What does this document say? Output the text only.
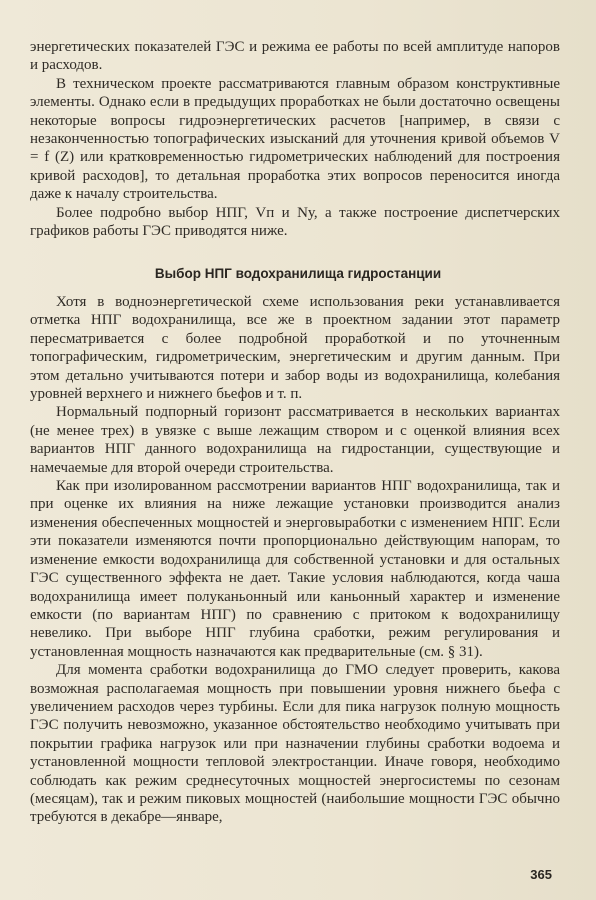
энергетических показателей ГЭС и режима ее работы по всей амплитуде напоров и расходов.

В техническом проекте рассматриваются главным образом конструктивные элементы. Однако если в предыдущих проработках не были достаточно освещены некоторые вопросы гидроэнергетических расчетов [например, в связи с незаконченностью топографических изысканий для уточнения кривой объемов V = f (Z) или кратковременностью гидрометрических наблюдений для построения кривой расходов], то детальная проработка этих вопросов переносится иногда даже к началу строительства.

Более подробно выбор НПГ, Vп и Nу, а также построение диспетчерских графиков работы ГЭС приводятся ниже.

Выбор НПГ водохранилища гидростанции

Хотя в водноэнергетической схеме использования реки устанавливается отметка НПГ водохранилища, все же в проектном задании этот параметр пересматривается с более подробной проработкой и по уточненным топографическим, гидрометрическим, энергетическим и другим данным. При этом детально учитываются потери и забор воды из водохранилища, колебания уровней верхнего и нижнего бьефов и т. п.

Нормальный подпорный горизонт рассматривается в нескольких вариантах (не менее трех) в увязке с выше лежащим створом и с оценкой влияния всех вариантов НПГ данного водохранилища на гидростанции, существующие и намечаемые для второй очереди строительства.

Как при изолированном рассмотрении вариантов НПГ водохранилища, так и при оценке их влияния на ниже лежащие установки производится анализ изменения обеспеченных мощностей и энерговыработки с изменением НПГ. Если эти показатели изменяются почти пропорционально действующим напорам, то изменение емкости водохранилища для собственной установки и для остальных ГЭС существенного эффекта не дает. Такие условия наблюдаются, когда чаша водохранилища имеет полуканьонный или каньонный характер и изменение емкости (по вариантам НПГ) по сравнению с притоком к водохранилищу невелико. При выборе НПГ глубина сработки, режим регулирования и установленная мощность назначаются как предварительные (см. § 31).

Для момента сработки водохранилища до ГМО следует проверить, какова возможная располагаемая мощность при повышении уровня нижнего бьефа с увеличением расходов через турбины. Если для пика нагрузок полную мощность ГЭС получить невозможно, указанное обстоятельство необходимо учитывать при покрытии графика нагрузок или при назначении глубины сработки водоема и установленной мощности тепловой электростанции. Иначе говоря, необходимо соблюдать как режим среднесуточных мощностей энергосистемы по сезонам (месяцам), так и режим пиковых мощностей (наибольшие мощности ГЭС обычно требуются в декабре—январе,

365
